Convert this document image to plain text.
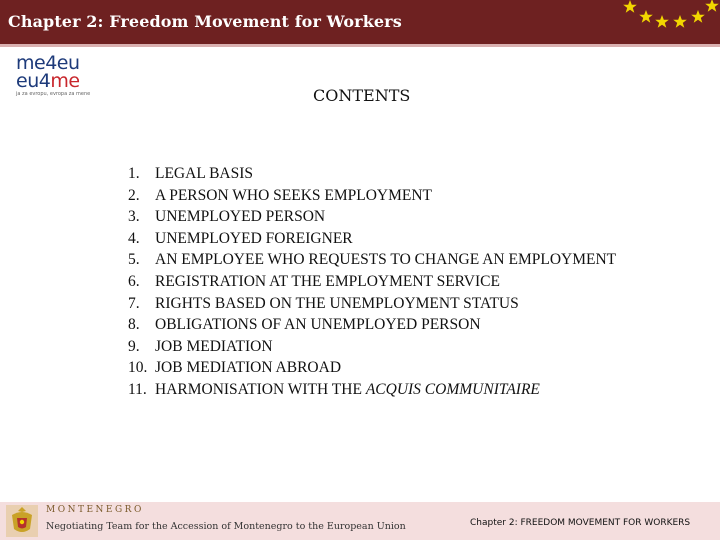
Chapter 2: Freedom Movement for Workers
me4eu
eu4me
ja za evropu, evropa za mene	CONTENTS
1. LEGAL BASIS
2. A PERSON WHO SEEKS EMPLOYMENT
3. UNEMPLOYED PERSON
4. UNEMPLOYED FOREIGNER
5. AN EMPLOYEE WHO REQUESTS TO CHANGE AN EMPLOYMENT
6. REGISTRATION AT THE EMPLOYMENT SERVICE
7. RIGHTS BASED ON THE UNEMPLOYMENT STATUS
8. OBLIGATIONS OF AN UNEMPLOYED PERSON
9. JOB MEDIATION
10. JOB MEDIATION ABROAD
11. HARMONISATION WITH THE ACQUIS COMMUNITAIRE
MONTENEGRO
Negotiating Team for the Accession of Montenegro to the European Union	Chapter 2: FREEDOM MOVEMENT FOR WORKERS
